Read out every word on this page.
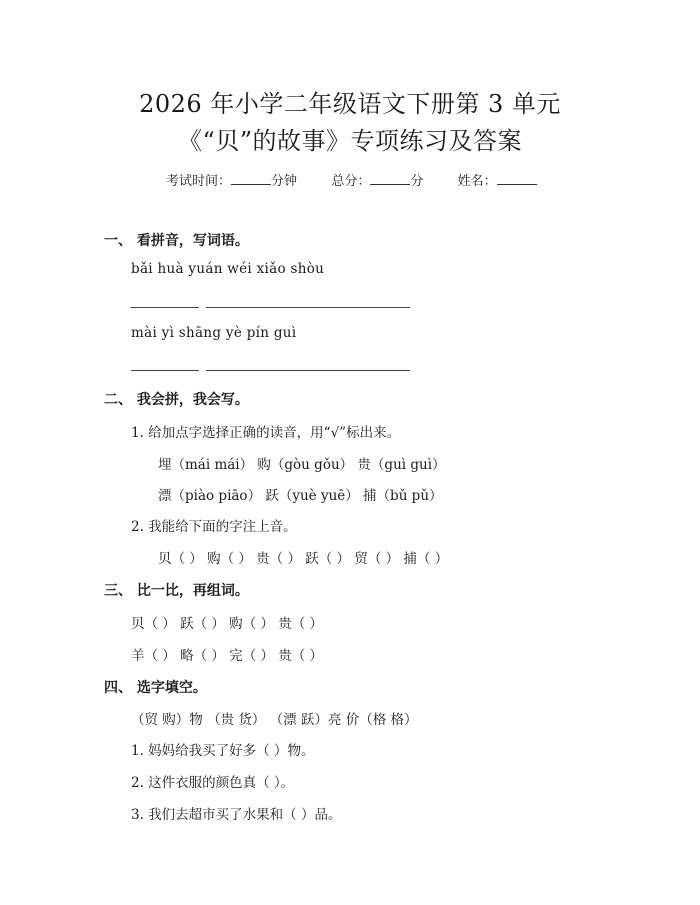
2026 年小学二年级语文下册第 3 单元
《“贝”的故事》专项练习及答案
考试时间：	分钟	总分：	分	姓名：
一、 看拼音，写词语。
bǎi huà yuán wéi xiǎo shòu
mài yì shāng yè pín guì
二、 我会拼，我会写。
1. 给加点字选择正确的读音，用“√”标出来。
埋（mái mái） 购（gòu gǒu） 贵（guì guì）
漂（piào piāo） 跃（yuè yuē） 捕（bǔ pǔ）
2. 我能给下面的字注上音。
贝（ ） 购（ ） 贵（ ） 跃（ ） 贸（ ） 捕（ ）
三、 比一比，再组词。
贝（ ） 跃（ ） 购（ ） 贵（ ）
羊（ ） 略（ ） 完（ ） 贵（ ）
四、 选字填空。
（贸 购）物 （贵 货） （漂 跃）亮 价（格 格）
1. 妈妈给我买了好多（ ）物。
2. 这件衣服的颜色真（ ）。
3. 我们去超市买了水果和（ ）品。
